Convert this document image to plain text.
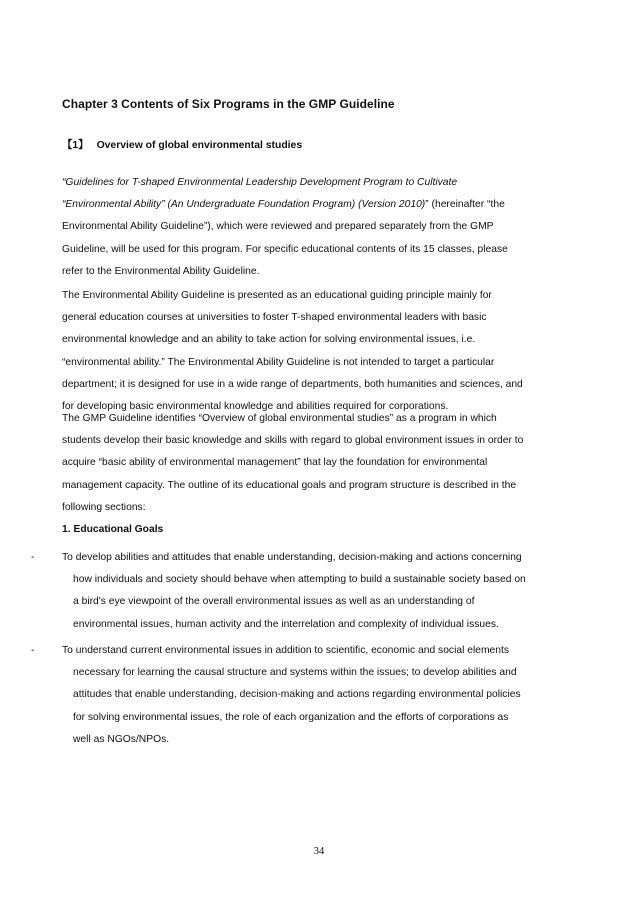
Chapter 3 Contents of Six Programs in the GMP Guideline
【1】 Overview of global environmental studies

“Guidelines for T-shaped Environmental Leadership Development Program to Cultivate
“Environmental Ability” (An Undergraduate Foundation Program) (Version 2010)” (hereinafter “the
Environmental Ability Guideline”), which were reviewed and prepared separately from the GMP
Guideline, will be used for this program. For specific educational contents of its 15 classes, please
refer to the Environmental Ability Guideline.

The Environmental Ability Guideline is presented as an educational guiding principle mainly for
general education courses at universities to foster T-shaped environmental leaders with basic
environmental knowledge and an ability to take action for solving environmental issues, i.e.
“environmental ability.” The Environmental Ability Guideline is not intended to target a particular
department; it is designed for use in a wide range of departments, both humanities and sciences, and
for developing basic environmental knowledge and abilities required for corporations.

The GMP Guideline identifies “Overview of global environmental studies” as a program in which
students develop their basic knowledge and skills with regard to global environment issues in order to
acquire “basic ability of environmental management” that lay the foundation for environmental
management capacity. The outline of its educational goals and program structure is described in the
following sections:

1. Educational Goals
-	To develop abilities and attitudes that enable understanding, decision-making and actions concerning
how individuals and society should behave when attempting to build a sustainable society based on
a bird's eye viewpoint of the overall environmental issues as well as an understanding of
environmental issues, human activity and the interrelation and complexity of individual issues.
-	To understand current environmental issues in addition to scientific, economic and social elements
necessary for learning the causal structure and systems within the issues; to develop abilities and
attitudes that enable understanding, decision-making and actions regarding environmental policies
for solving environmental issues, the role of each organization and the efforts of corporations as
well as NGOs/NPOs.
34
